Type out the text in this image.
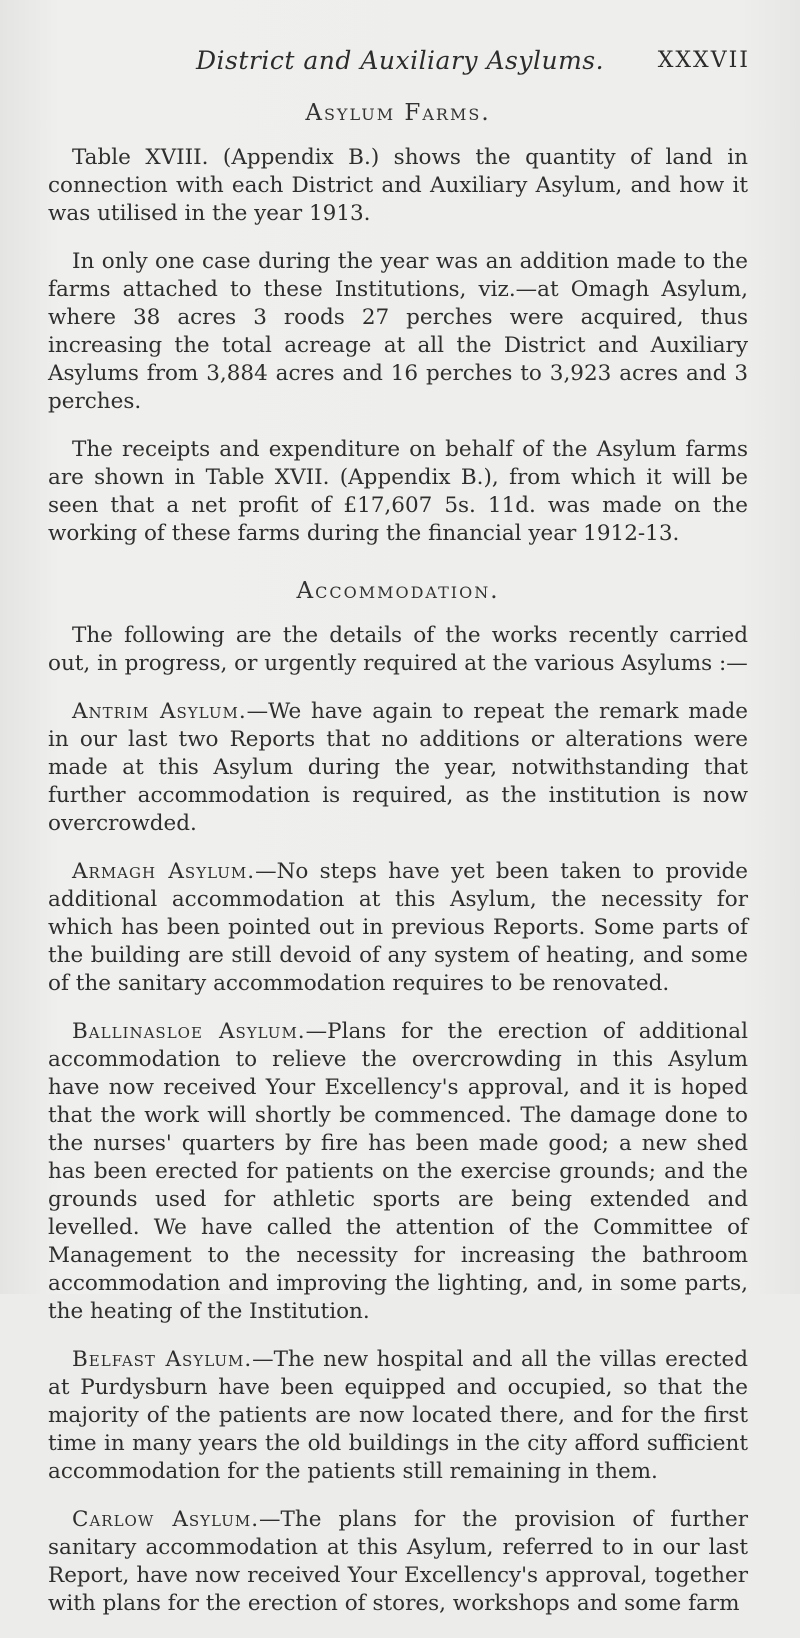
District and Auxiliary Asylums. XXXVII
Asylum Farms.

Table XVIII. (Appendix B.) shows the quantity of land in connection with each District and Auxiliary Asylum, and how it was utilised in the year 1913.

In only one case during the year was an addition made to the farms attached to these Institutions, viz.—at Omagh Asylum, where 38 acres 3 roods 27 perches were acquired, thus increasing the total acreage at all the District and Auxiliary Asylums from 3,884 acres and 16 perches to 3,923 acres and 3 perches.

The receipts and expenditure on behalf of the Asylum farms are shown in Table XVII. (Appendix B.), from which it will be seen that a net profit of £17,607 5s. 11d. was made on the working of these farms during the financial year 1912-13.

Accommodation.

The following are the details of the works recently carried out, in progress, or urgently required at the various Asylums :—

Antrim Asylum.—We have again to repeat the remark made in our last two Reports that no additions or alterations were made at this Asylum during the year, notwithstanding that further accommodation is required, as the institution is now overcrowded.

Armagh Asylum.—No steps have yet been taken to provide additional accommodation at this Asylum, the necessity for which has been pointed out in previous Reports. Some parts of the building are still devoid of any system of heating, and some of the sanitary accommodation requires to be renovated.

Ballinasloe Asylum.—Plans for the erection of additional accommodation to relieve the overcrowding in this Asylum have now received Your Excellency's approval, and it is hoped that the work will shortly be commenced. The damage done to the nurses' quarters by fire has been made good; a new shed has been erected for patients on the exercise grounds; and the grounds used for athletic sports are being extended and levelled. We have called the attention of the Committee of Management to the necessity for increasing the bathroom accommodation and improving the lighting, and, in some parts, the heating of the Institution.

Belfast Asylum.—The new hospital and all the villas erected at Purdysburn have been equipped and occupied, so that the majority of the patients are now located there, and for the first time in many years the old buildings in the city afford sufficient accommodation for the patients still remaining in them.

Carlow Asylum.—The plans for the provision of further sanitary accommodation at this Asylum, referred to in our last Report, have now received Your Excellency's approval, together with plans for the erection of stores, workshops and some farm
